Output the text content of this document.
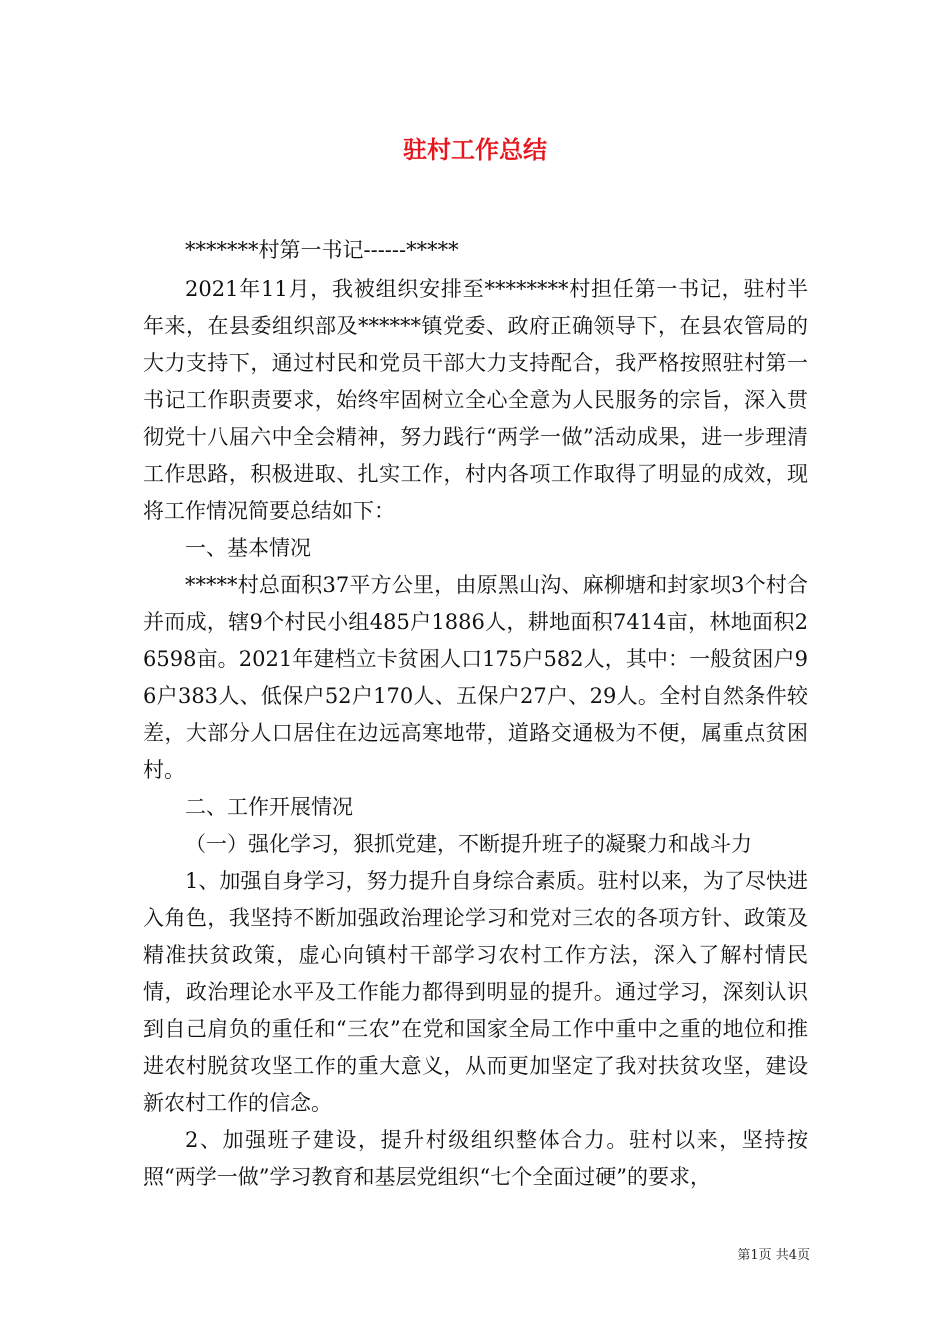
驻村工作总结

*******村第一书记------*****

2021年11月，我被组织安排至********村担任第一书记，驻村半年来，在县委组织部及******镇党委、政府正确领导下，在县农管局的大力支持下，通过村民和党员干部大力支持配合，我严格按照驻村第一书记工作职责要求，始终牢固树立全心全意为人民服务的宗旨，深入贯彻党十八届六中全会精神，努力践行“两学一做”活动成果，进一步理清工作思路，积极进取、扎实工作，村内各项工作取得了明显的成效，现将工作情况简要总结如下：

一、基本情况

*****村总面积37平方公里，由原黑山沟、麻柳塘和封家坝3个村合并而成，辖9个村民小组485户1886人，耕地面积7414亩，林地面积26598亩。2021年建档立卡贫困人口175户582人，其中：一般贫困户96户383人、低保户52户170人、五保户27户、29人。全村自然条件较差，大部分人口居住在边远高寒地带，道路交通极为不便，属重点贫困村。

二、工作开展情况

（一）强化学习，狠抓党建，不断提升班子的凝聚力和战斗力

1、加强自身学习，努力提升自身综合素质。驻村以来，为了尽快进入角色，我坚持不断加强政治理论学习和党对三农的各项方针、政策及精准扶贫政策，虚心向镇村干部学习农村工作方法，深入了解村情民情，政治理论水平及工作能力都得到明显的提升。通过学习，深刻认识到自己肩负的重任和“三农”在党和国家全局工作中重中之重的地位和推进农村脱贫攻坚工作的重大意义，从而更加坚定了我对扶贫攻坚，建设新农村工作的信念。

2、加强班子建设，提升村级组织整体合力。驻村以来，坚持按照“两学一做”学习教育和基层党组织“七个全面过硬”的要求，

第1页 共4页
